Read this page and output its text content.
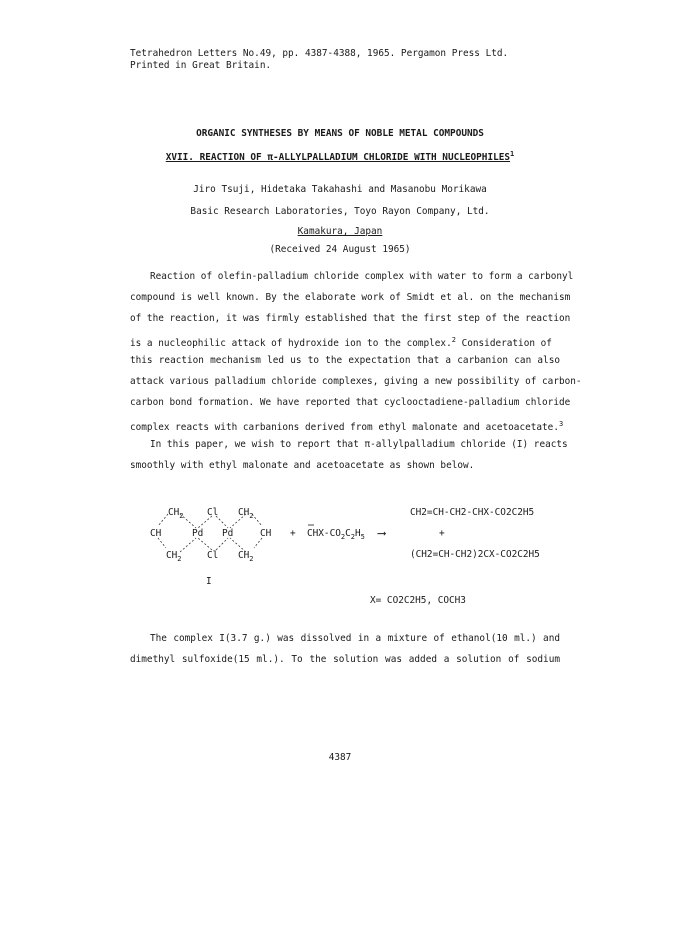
Tetrahedron Letters No.49, pp. 4387-4388, 1965. Pergamon Press Ltd.
Printed in Great Britain.
ORGANIC SYNTHESES BY MEANS OF NOBLE METAL COMPOUNDS
XVII. REACTION OF π-ALLYLPALLADIUM CHLORIDE WITH NUCLEOPHILES$^1$
Jiro Tsuji, Hidetaka Takahashi and Masanobu Morikawa
Basic Research Laboratories, Toyo Rayon Company, Ltd.
Kamakura, Japan
(Received 24 August 1965)
Reaction of olefin-palladium chloride complex with water to form a carbonyl
compound is well known. By the elaborate work of Smidt et al. on the mechanism
of the reaction, it was firmly established that the first step of the reaction
is a nucleophilic attack of hydroxide ion to the complex.$^2$ Consideration of
this reaction mechanism led us to the expectation that a carbanion can also
attack various palladium chloride complexes, giving a new possibility of carbon-
carbon bond formation. We have reported that cyclooctadiene-palladium chloride
complex reacts with carbanions derived from ethyl malonate and acetoacetate.$^3$
In this paper, we wish to report that π-allylpalladium chloride (I) reacts
smoothly with ethyl malonate and acetoacetate as shown below.
$CH_2$ Cl $CH_2$
CH	Pd Pd	CH
$CH_2$	Cl $CH_2$
+ CHX-$CO_2C_2H_5$ ⟶
CH2=CH-CH2-CHX-CO2C2H5
+
(CH2=CH-CH2)2CX-CO2C2H5
I
X= CO2C2H5, COCH3
The complex I(3.7 g.) was dissolved in a mixture of ethanol(10 ml.) and
dimethyl sulfoxide(15 ml.). To the solution was added a solution of sodium
4387
